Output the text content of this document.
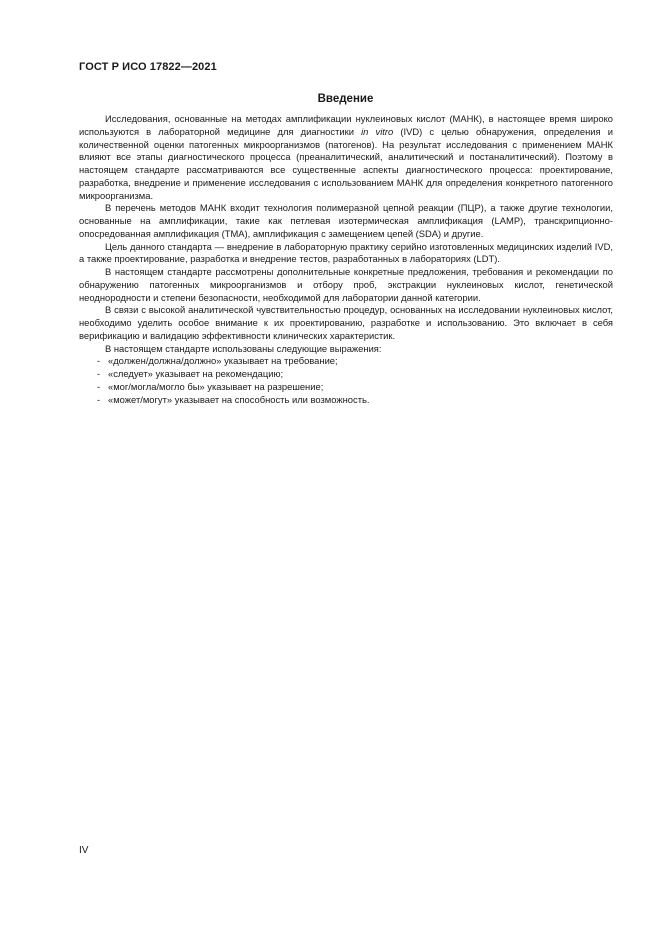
ГОСТ Р ИСО 17822—2021
Введение

Исследования, основанные на методах амплификации нуклеиновых кислот (МАНК), в настоящее время широко используются в лабораторной медицине для диагностики in vitro (IVD) с целью обнаружения, определения и количественной оценки патогенных микроорганизмов (патогенов). На результат исследования с применением МАНК влияют все этапы диагностического процесса (преаналитический, аналитический и постаналитический). Поэтому в настоящем стандарте рассматриваются все существенные аспекты диагностического процесса: проектирование, разработка, внедрение и применение исследования с использованием МАНК для определения конкретного патогенного микроорганизма.

В перечень методов МАНК входит технология полимеразной цепной реакции (ПЦР), а также другие технологии, основанные на амплификации, такие как петлевая изотермическая амплификация (LAMP), транскрипционно-опосредованная амплификация (TMA), амплификация с замещением цепей (SDA) и другие.

Цель данного стандарта — внедрение в лабораторную практику серийно изготовленных медицинских изделий IVD, а также проектирование, разработка и внедрение тестов, разработанных в лабораториях (LDT).

В настоящем стандарте рассмотрены дополнительные конкретные предложения, требования и рекомендации по обнаружению патогенных микроорганизмов и отбору проб, экстракции нуклеиновых кислот, генетической неоднородности и степени безопасности, необходимой для лаборатории данной категории.

В связи с высокой аналитической чувствительностью процедур, основанных на исследовании нуклеиновых кислот, необходимо уделить особое внимание к их проектированию, разработке и использованию. Это включает в себя верификацию и валидацию эффективности клинических характеристик.

В настоящем стандарте использованы следующие выражения:

- «должен/должна/должно» указывает на требование;
- «следует» указывает на рекомендацию;
- «мог/могла/могло бы» указывает на разрешение;
- «может/могут» указывает на способность или возможность.
IV
